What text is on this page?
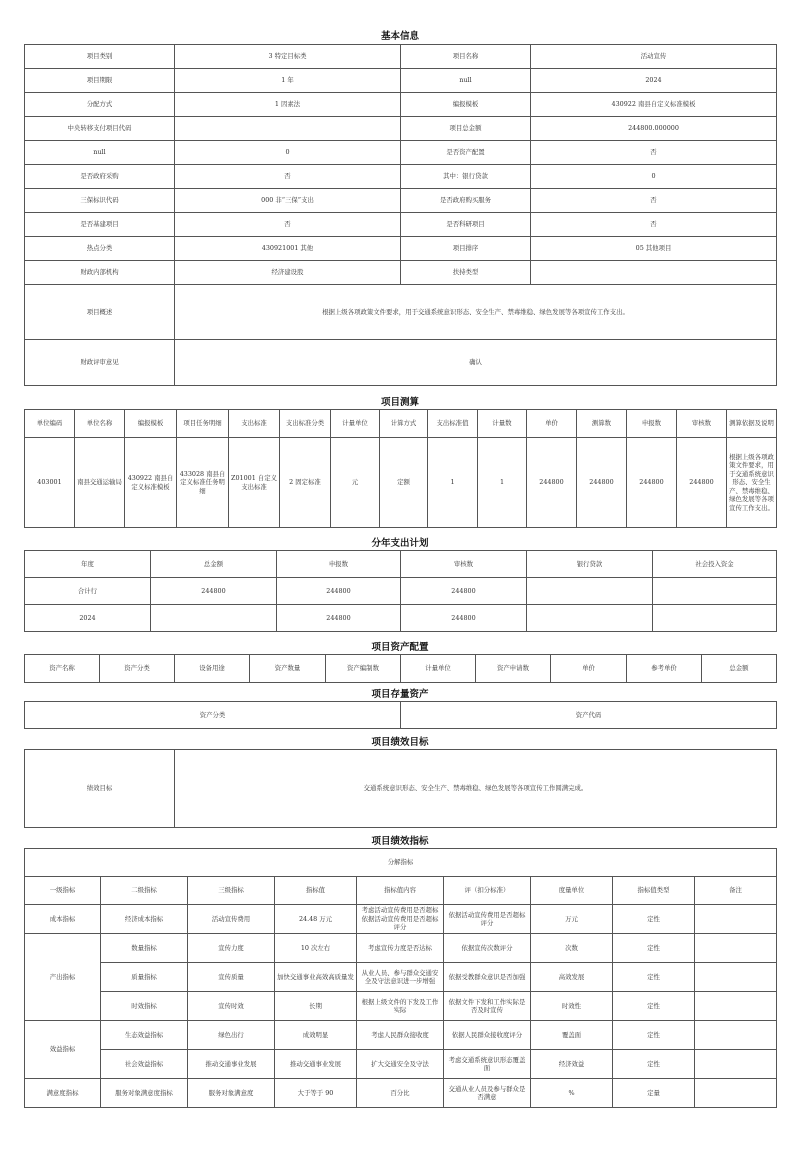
基本信息
项目类别	3 特定目标类	项目名称	活动宣传
项目期限	1 年	null	2024
分配方式	1 因素法	编报模板	430922 南县自定义标准模板
中央转移支付项目代码		项目总金额	244800.000000
null	0	是否资产配置	否
是否政府采购	否	其中：银行贷款	0
三保标识代码	000 非“三保”支出	是否政府购买服务	否
是否基建项目	否	是否科研项目	否
热点分类	430921001 其他	项目排序	05 其他项目
财政内部机构	经济建设股	扶持类型	
项目概述	根据上级各项政策文件要求，用于交通系统意识形态、安全生产、禁毒维稳、绿色发展等各项宣传工作支出。		
财政评审意见	确认		
项目测算
单位编码	单位名称	编报模板	项目任务明细	支出标准	支出标准分类	计量单位	计算方式	支出标准值	计量数	单价	测算数	申报数	审核数	测算依据及说明
403001	南县交通运输局	430922 南县自定义标准模板	433028 南县自定义标准任务明细	Z01001 自定义支出标准	2 固定标准	元	定额	1	1	244800	244800	244800	244800	根据上级各项政策文件要求，用于交通系统意识形态、安全生产、禁毒维稳、绿色发展等各项宣传工作支出。
分年支出计划
年度	总金额	申报数	审核数	银行贷款	社会投入资金
合计行	244800	244800	244800		
2024		244800	244800		
项目资产配置
资产名称	资产分类	设备用途	资产数量	资产编制数	计量单位	资产申请数	单价	参考单价	总金额
项目存量资产
资产分类	资产代码
项目绩效目标
绩效目标	交通系统意识形态、安全生产、禁毒维稳、绿色发展等各项宣传工作圆满完成。
项目绩效指标
分解指标								
一级指标	二级指标	三级指标	指标值	指标值内容	评（扣分标准）	度量单位	指标值类型	备注
成本指标	经济成本指标	活动宣传费用	24.48 万元	考虑活动宣传费用是否超标 依据活动宣传费用是否超标评分	依据活动宣传费用是否超标评分	万元	定性	
产出指标	数量指标	宣传力度	10 次左右	考虑宣传力度是否达标	依据宣传次数评分	次数	定性	
	质量指标	宣传质量	加快交通事业高效高质量发	从业人员、参与群众交通安全及守法意识进一步增强	依据受教群众意识是否加强	高效发展	定性	
	时效指标	宣传时效	长期	根据上级文件的下发及工作实际	依据文件下发和工作实际是否及时宣传	时效性	定性	
效益指标	生态效益指标	绿色出行	成效明显	考虑人民群众接收度	依据人民群众接收度评分	覆盖面	定性	
	社会效益指标	推动交通事业发展	推动交通事业发展	扩大交通安全及守法	考虑交通系统意识形态覆盖面	经济效益	定性	
满意度指标	服务对象满意度指标	服务对象满意度	大于等于 90	百分比	交通从业人员及参与群众是否满意	%	定量	
